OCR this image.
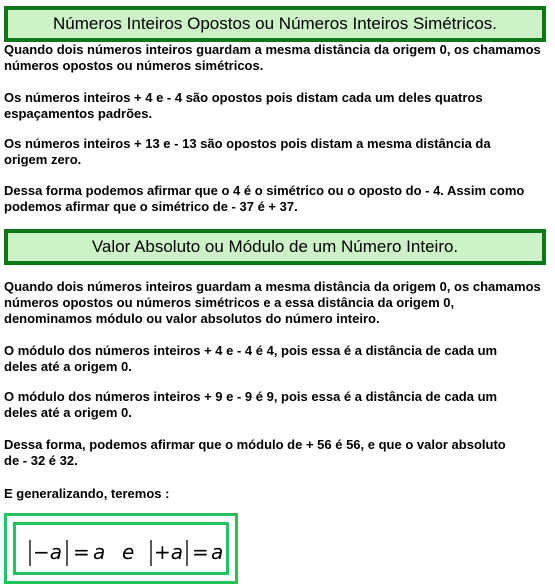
Números Inteiros Opostos ou Números Inteiros Simétricos.

Quando dois números inteiros guardam a mesma distância da origem 0, os chamamos
números opostos ou números simétricos.

Os números inteiros + 4 e - 4 são opostos pois distam cada um deles quatros
espaçamentos padrões.

Os números inteiros + 13 e - 13 são opostos pois distam a mesma distância da
origem zero.

Dessa forma podemos afirmar que o 4 é o simétrico ou o oposto do - 4. Assim como
podemos afirmar que o simétrico de - 37 é + 37.

Valor Absoluto ou Módulo de um Número Inteiro.

Quando dois números inteiros guardam a mesma distância da origem 0, os chamamos
números opostos ou números simétricos e a essa distância da origem 0,
denominamos módulo ou valor absolutos do número inteiro.

O módulo dos números inteiros + 4 e - 4 é 4, pois essa é a distância de cada um
deles até a origem 0.

O módulo dos números inteiros + 9 e - 9 é 9, pois essa é a distância de cada um
deles até a origem 0.

Dessa forma, podemos afirmar que o módulo de + 56 é 56, e que o valor absoluto
de - 32 é 32.

E generalizando, teremos :

−a = a e +a = a
